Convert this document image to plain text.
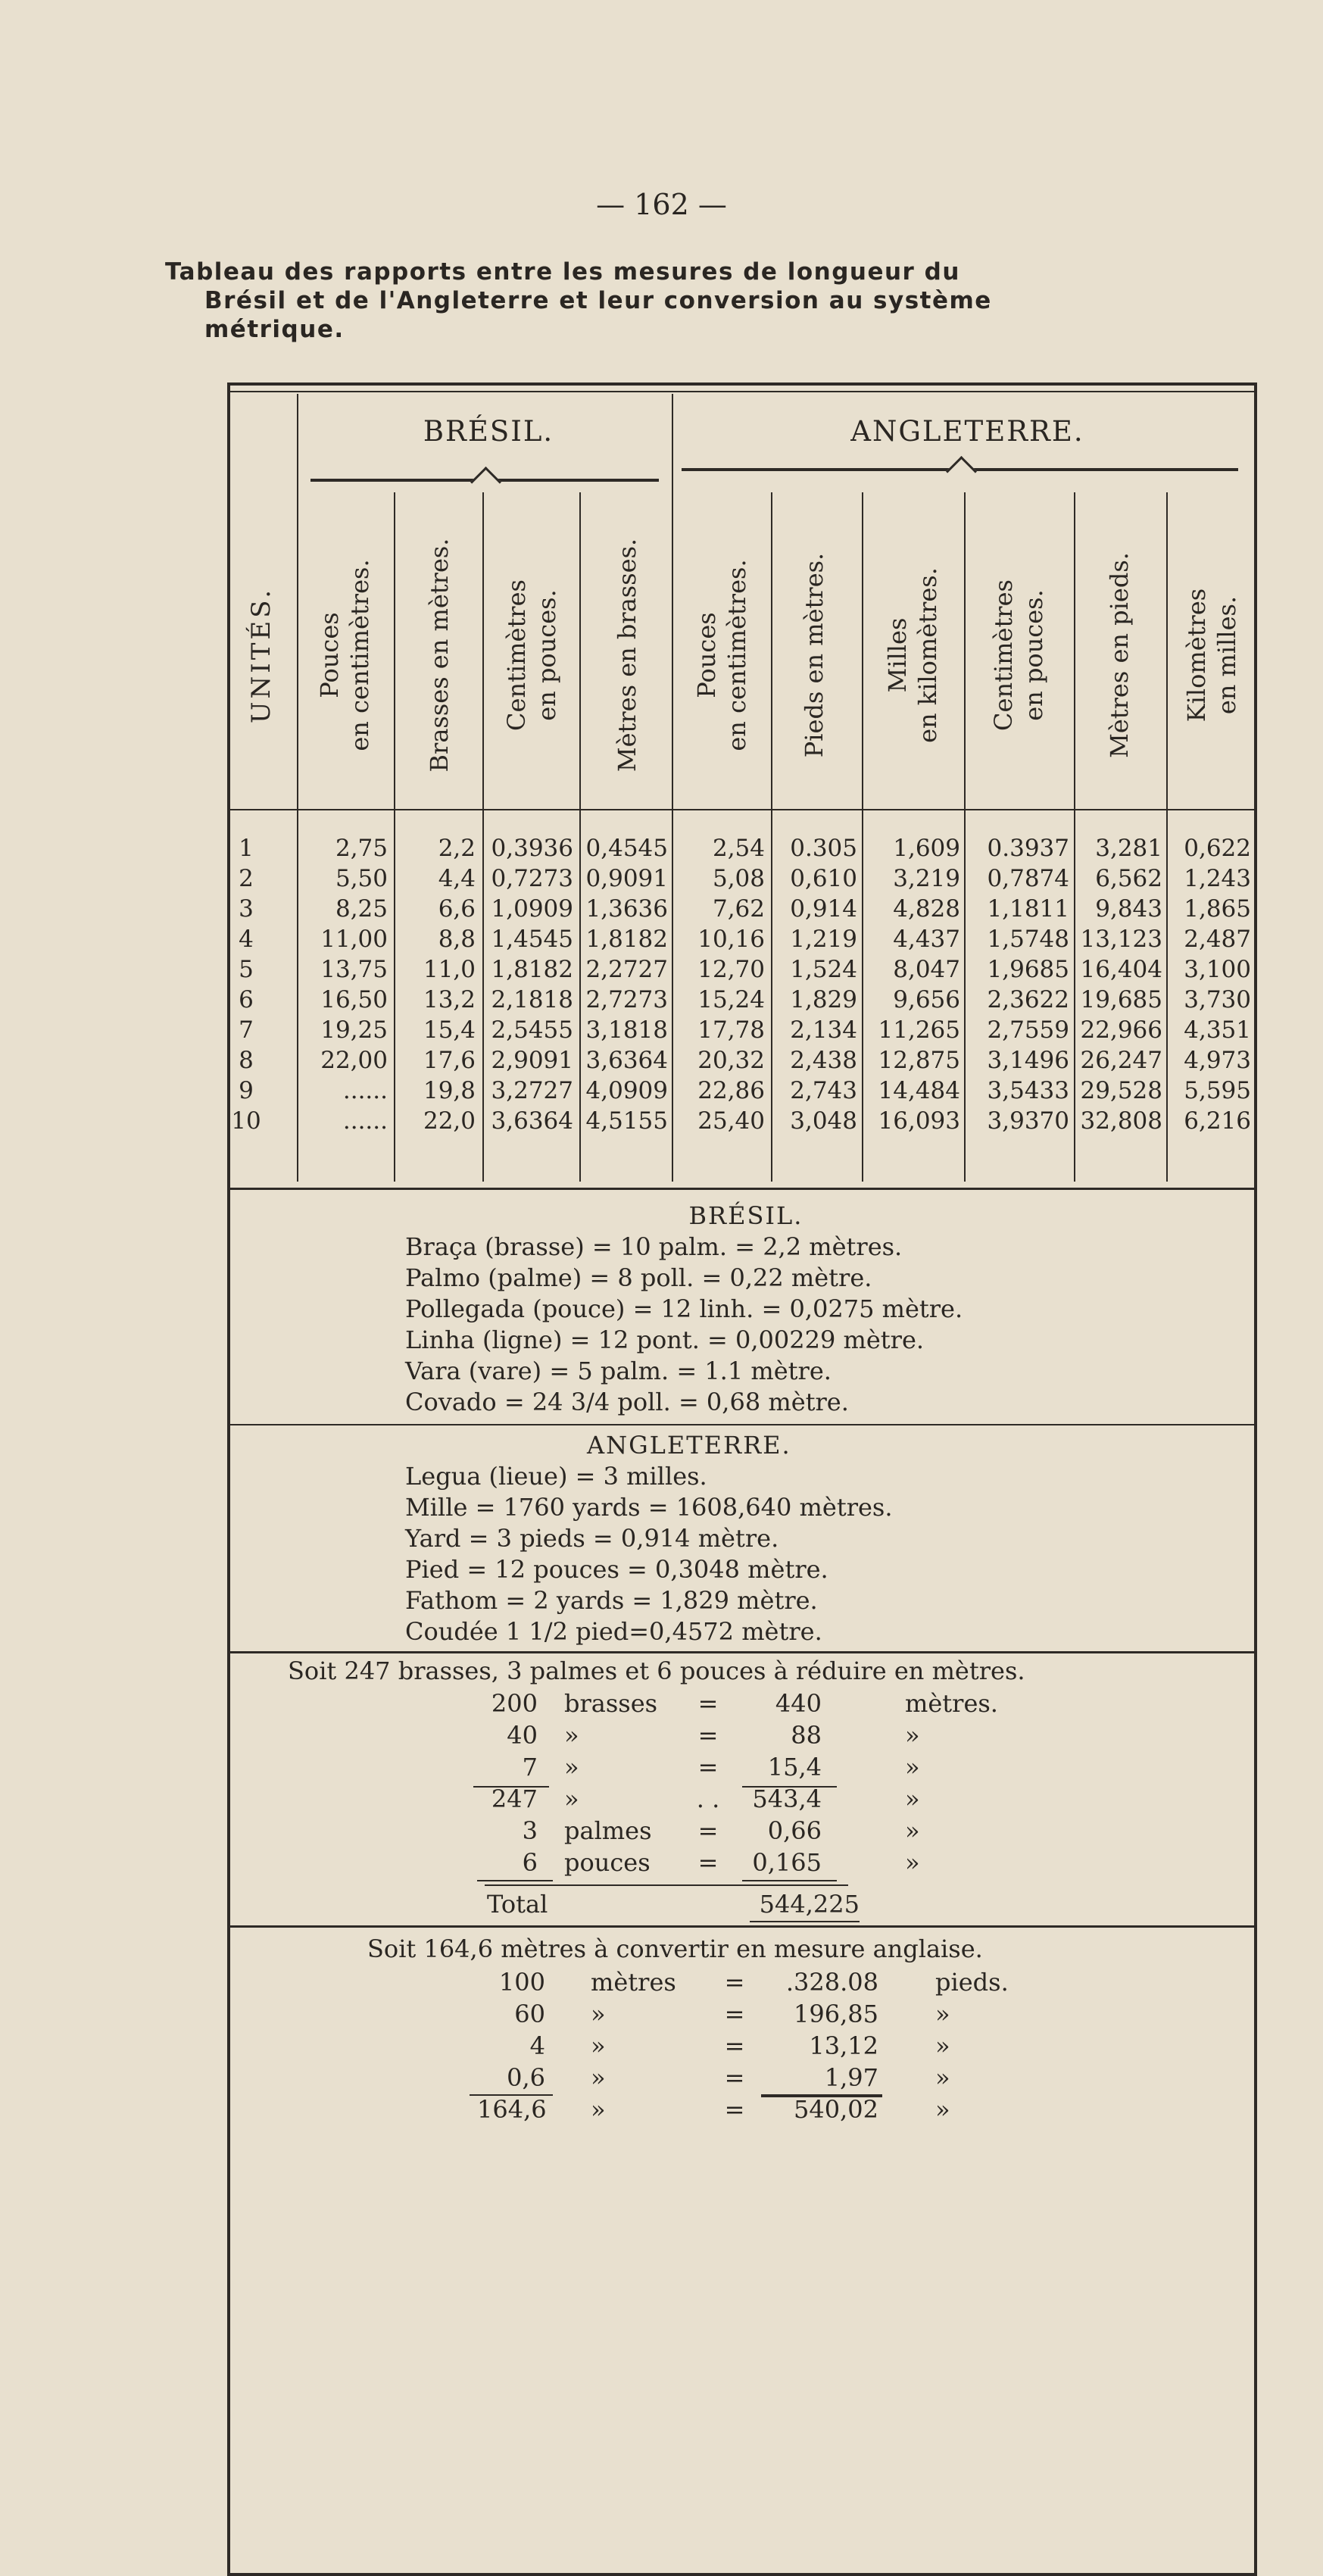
— 162 —
Tableau des rapports entre les mesures de longueur du
Brésil et de l'Angleterre et leur conversion au système
métrique.
BRÉSIL.	ANGLETERRE.
UNITÉS. Pouces
en centimètres. Brasses en mètres. Centimètres
en pouces. Mètres en brasses. Pouces
en centimètres. Pieds en mètres. Milles
en kilomètres. Centimètres
en pouces. Mètres en pieds. Kilomètres
en milles.
1	2,75	2,2 0,3936 0,4545	2,54	0.305	1,609	0.3937	3,281 0,622
2	5,50	4,4 0,7273 0,9091	5,08	0,610	3,219	0,7874	6,562 1,243
3	8,25	6,6 1,0909 1,3636	7,62	0,914	4,828	1,1811	9,843 1,865
4	11,00	8,8 1,4545 1,8182	10,16	1,219	4,437	1,5748 13,123 2,487
5	13,75	11,0 1,8182 2,2727	12,70	1,524	8,047	1,9685 16,404 3,100
6	16,50	13,2 2,1818 2,7273	15,24	1,829	9,656	2,3622 19,685 3,730
7	19,25	15,4 2,5455 3,1818	17,78	2,134 11,265	2,7559 22,966 4,351
8	22,00	17,6 2,9091 3,6364	20,32	2,438 12,875	3,1496 26,247 4,973
9	......	19,8 3,2727 4,0909	22,86	2,743 14,484	3,5433 29,528 5,595
10	......	22,0 3,6364 4,5155	25,40	3,048 16,093	3,9370 32,808 6,216
BRÉSIL.
Braça (brasse) = 10 palm. = 2,2 mètres.
Palmo (palme) = 8 poll. = 0,22 mètre.
Pollegada (pouce) = 12 linh. = 0,0275 mètre.
Linha (ligne) = 12 pont. = 0,00229 mètre.
Vara (vare) = 5 palm. = 1.1 mètre.
Covado = 24 3/4 poll. = 0,68 mètre.
ANGLETERRE.
Legua (lieue) = 3 milles.
Mille = 1760 yards = 1608,640 mètres.
Yard = 3 pieds = 0,914 mètre.
Pied = 12 pouces = 0,3048 mètre.
Fathom = 2 yards = 1,829 mètre.
Coudée 1 1/2 pied=0,4572 mètre.
Soit 247 brasses, 3 palmes et 6 pouces à réduire en mètres.
200 brasses	=	440	mètres.
40 »	=	88	»
7 »	=	15,4	»
247 »	. .	543,4	»
3 palmes	=	0,66	»
6 pouces	=	0,165	»
Total	544,225
Soit 164,6 mètres à convertir en mesure anglaise.
100 mètres	=	.328.08 pieds.
60 »	=	196,85 »
4 »	=	13,12 »
0,6 »	=	1,97 »
164,6 »	=	540,02 »
